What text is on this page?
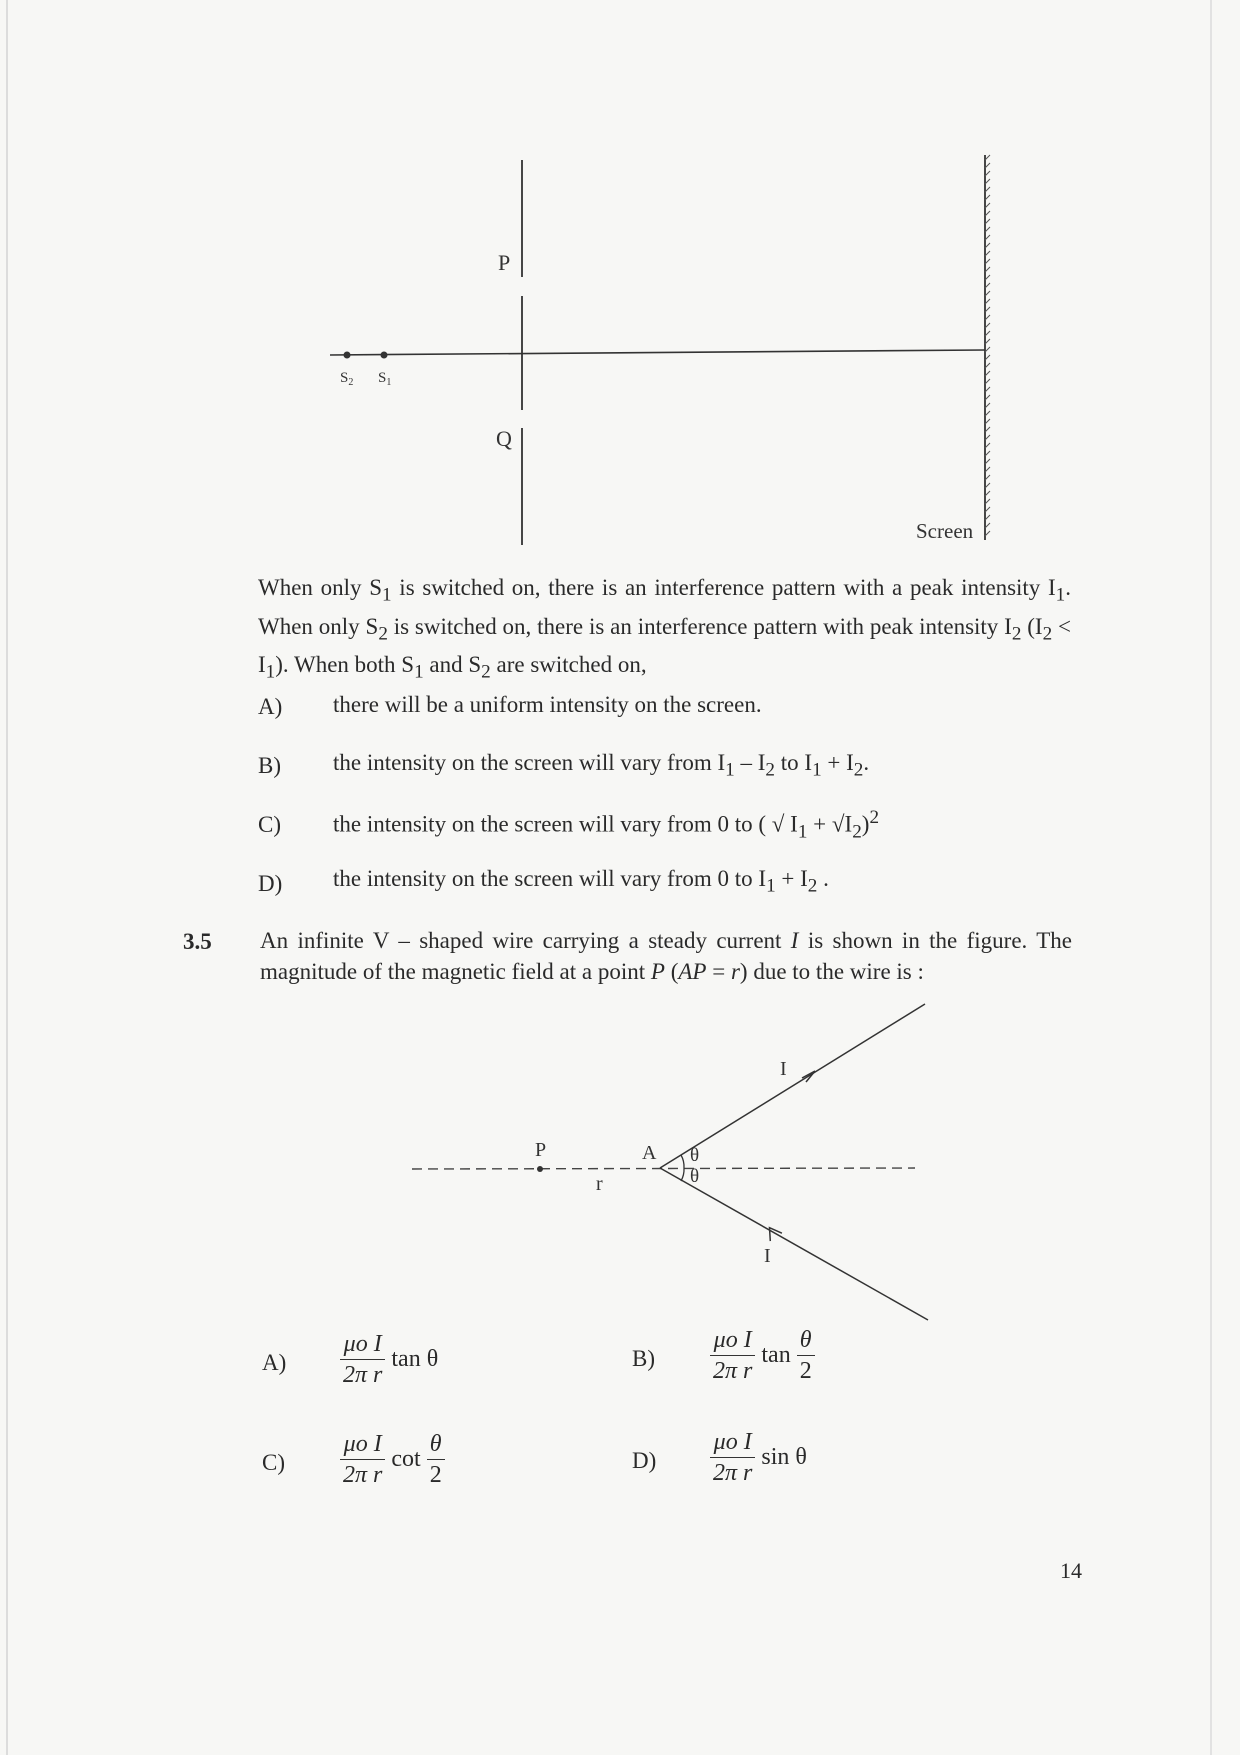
P
Q
$S_2$ $S_1$
Screen
When only $S_1$ is switched on, there is an interference pattern with a peak intensity $I_1$. When only $S_2$ is switched on, there is an interference pattern with peak intensity $I_2$ $(I_2 < I_1)$. When both $S_1$ and $S_2$ are switched on,
A) there will be a uniform intensity on the screen.
B) the intensity on the screen will vary from $I_1 - I_2$ to $I_1 + I_2$.
C) the intensity on the screen will vary from 0 to ( √ $I_1 + √I_2)^2$
D) the intensity on the screen will vary from 0 to $I_1 + I_2$ .
3.5 An infinite V – shaped wire carrying a steady current I is shown in the figure. The magnitude of the magnetic field at a point P (AP = r) due to the wire is :
I
I
P	A
r
θ
θ
$A) \frac{\text{μo I}}{\text{2π r}}$ tan θ	$B) \frac{\text{μo I}}{\text{2π r}}$ $\tan \frac{\theta}{2}$
$C) \frac{\text{μo I}}{\text{2π r}}$ $\cot \frac{\theta}{2}$	$D) \frac{\text{μo I}}{\text{2π r}}$ sin θ
14
